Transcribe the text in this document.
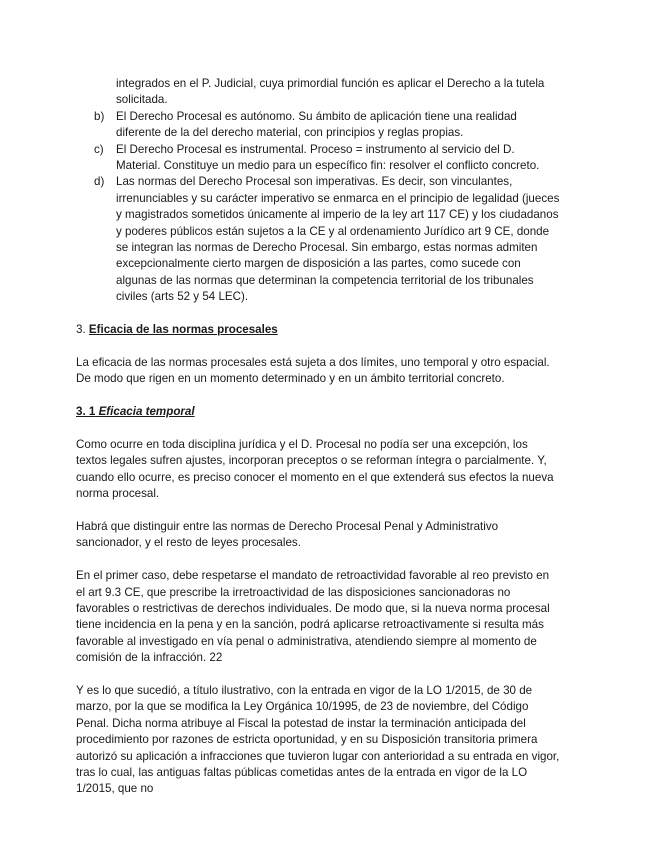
integrados en el P. Judicial, cuya primordial función es aplicar el Derecho a la tutela solicitada.
b) El Derecho Procesal es autónomo. Su ámbito de aplicación tiene una realidad diferente de la del derecho material, con principios y reglas propias.
c) El Derecho Procesal es instrumental. Proceso = instrumento al servicio del D. Material. Constituye un medio para un específico fin: resolver el conflicto concreto.
d) Las normas del Derecho Procesal son imperativas. Es decir, son vinculantes, irrenunciables y su carácter imperativo se enmarca en el principio de legalidad (jueces y magistrados sometidos únicamente al imperio de la ley art 117 CE) y los ciudadanos y poderes públicos están sujetos a la CE y al ordenamiento Jurídico art 9 CE, donde se integran las normas de Derecho Procesal. Sin embargo, estas normas admiten excepcionalmente cierto margen de disposición a las partes, como sucede con algunas de las normas que determinan la competencia territorial de los tribunales civiles (arts 52 y 54 LEC).

3. Eficacia de las normas procesales

La eficacia de las normas procesales está sujeta a dos límites, uno temporal y otro espacial. De modo que rigen en un momento determinado y en un ámbito territorial concreto.

3. 1 Eficacia temporal

Como ocurre en toda disciplina jurídica y el D. Procesal no podía ser una excepción, los textos legales sufren ajustes, incorporan preceptos o se reforman íntegra o parcialmente. Y, cuando ello ocurre, es preciso conocer el momento en el que extenderá sus efectos la nueva norma procesal.

Habrá que distinguir entre las normas de Derecho Procesal Penal y Administrativo sancionador, y el resto de leyes procesales.

En el primer caso, debe respetarse el mandato de retroactividad favorable al reo previsto en el art 9.3 CE, que prescribe la irretroactividad de las disposiciones sancionadoras no favorables o restrictivas de derechos individuales. De modo que, si la nueva norma procesal tiene incidencia en la pena y en la sanción, podrá aplicarse retroactivamente si resulta más favorable al investigado en vía penal o administrativa, atendiendo siempre al momento de comisión de la infracción. 22

Y es lo que sucedió, a título ilustrativo, con la entrada en vigor de la LO 1/2015, de 30 de marzo, por la que se modifica la Ley Orgánica 10/1995, de 23 de noviembre, del Código Penal. Dicha norma atribuye al Fiscal la potestad de instar la terminación anticipada del procedimiento por razones de estricta oportunidad, y en su Disposición transitoria primera autorizó su aplicación a infracciones que tuvieron lugar con anterioridad a su entrada en vigor, tras lo cual, las antiguas faltas públicas cometidas antes de la entrada en vigor de la LO 1/2015, que no
